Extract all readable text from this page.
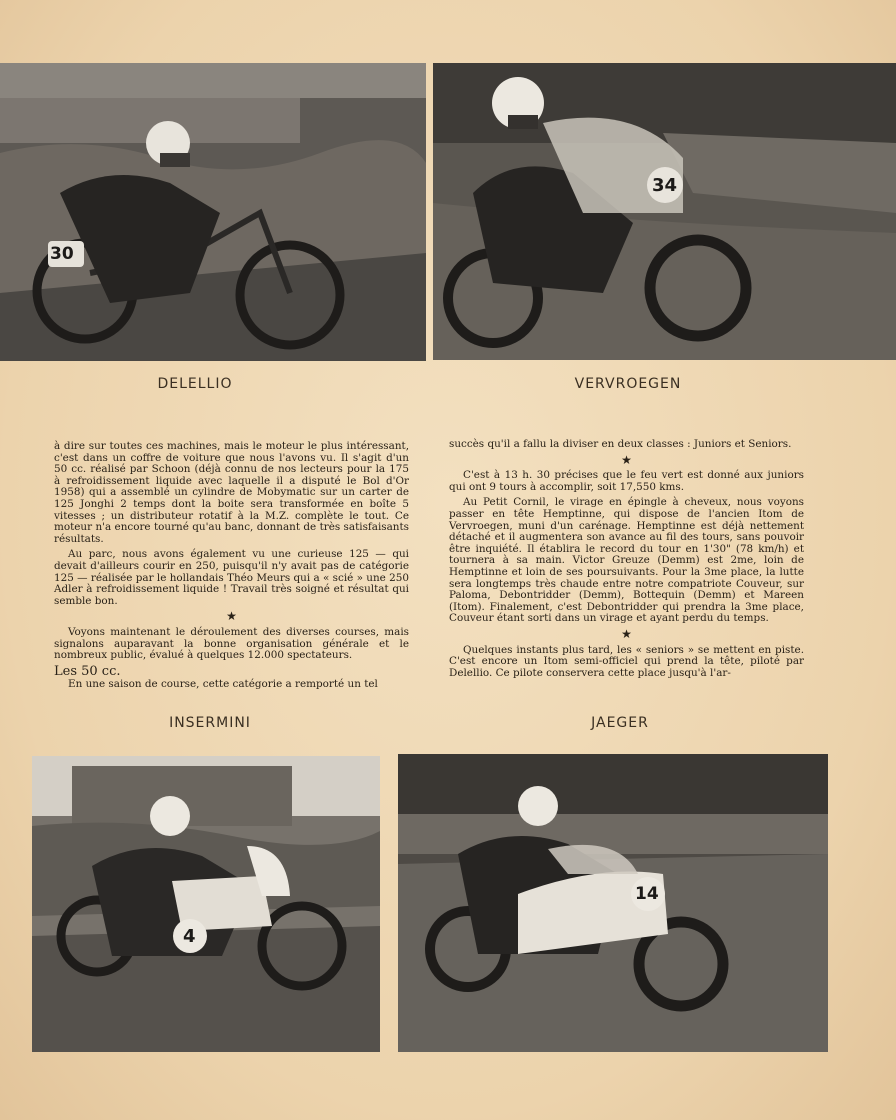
30
34
DELELLIO	VERVROEGEN

à dire sur toutes ces machines, mais le moteur le plus intéressant, c'est dans un coffre de voiture que nous l'avons vu. Il s'agit d'un 50 cc. réalisé par Schoon (déjà connu de nos lecteurs pour la 175 à refroidissement liquide avec laquelle il a disputé le Bol d'Or 1958) qui a assemblé un cylindre de Mobymatic sur un carter de 125 Jonghi 2 temps dont la boite sera transformée en boîte 5 vitesses ; un distributeur rotatif à la M.Z. complète le tout. Ce moteur n'a encore tourné qu'au banc, donnant de très satisfaisants résultats.

Au parc, nous avons également vu une curieuse 125 — qui devait d'ailleurs courir en 250, puisqu'il n'y avait pas de catégorie 125 — réalisée par le hollandais Théo Meurs qui a « scié » une 250 Adler à refroidissement liquide ! Travail très soigné et résultat qui semble bon.

★

Voyons maintenant le déroulement des diverses courses, mais signalons auparavant la bonne organisation générale et le nombreux public, évalué à quelques 12.000 spectateurs.

Les 50 cc.

En une saison de course, cette catégorie a remporté un tel

succès qu'il a fallu la diviser en deux classes : Juniors et Seniors.

★

C'est à 13 h. 30 précises que le feu vert est donné aux juniors qui ont 9 tours à accomplir, soit 17,550 kms.

Au Petit Cornil, le virage en épingle à cheveux, nous voyons passer en tête Hemptinne, qui dispose de l'ancien Itom de Vervroegen, muni d'un carénage. Hemptinne est déjà nettement détaché et il augmentera son avance au fil des tours, sans pouvoir être inquiété. Il établira le record du tour en 1'30" (78 km/h) et tournera à sa main. Victor Greuze (Demm) est 2me, loin de Hemptinne et loin de ses poursuivants. Pour la 3me place, la lutte sera longtemps très chaude entre notre compatriote Couveur, sur Paloma, Debontridder (Demm), Bottequin (Demm) et Mareen (Itom). Finalement, c'est Debontridder qui prendra la 3me place, Couveur étant sorti dans un virage et ayant perdu du temps.

★

Quelques instants plus tard, les « seniors » se mettent en piste. C'est encore un Itom semi-officiel qui prend la tête, piloté par Delellio. Ce pilote conservera cette place jusqu'à l'ar-

INSERMINI	JAEGER
4
14
